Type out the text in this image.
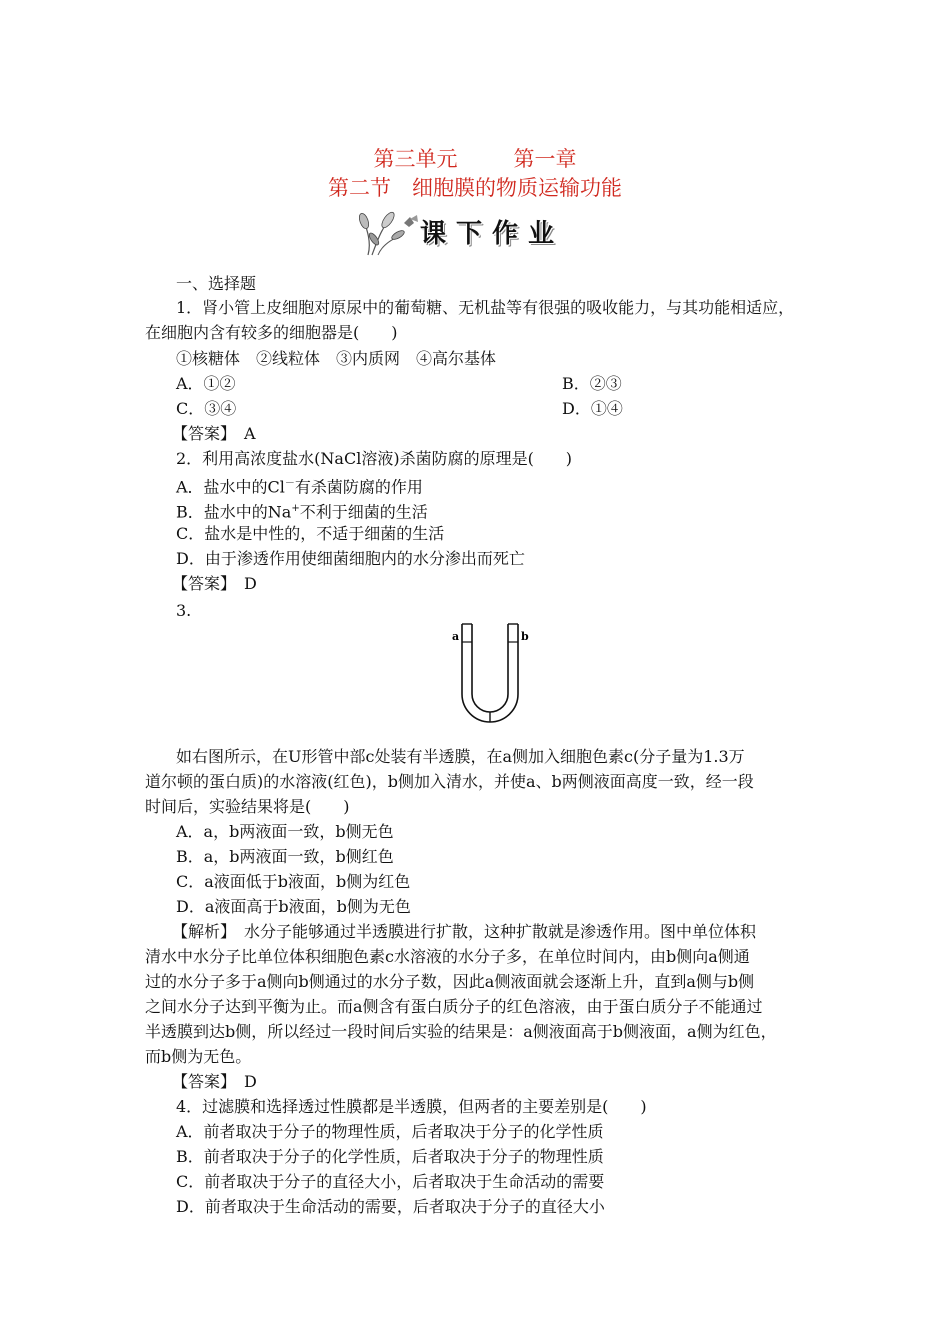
第三单元	第一章
第二节　细胞膜的物质运输功能
课下作业
一、选择题
1．肾小管上皮细胞对原尿中的葡萄糖、无机盐等有很强的吸收能力，与其功能相适应，
在细胞内含有较多的细胞器是(　　)
①核糖体　②线粒体　③内质网　④高尔基体
A．①②	B．②③
C．③④	D．①④
【答案】　A
2．利用高浓度盐水(NaCl溶液)杀菌防腐的原理是(　　)
A．盐水中的Cl－有杀菌防腐的作用
B．盐水中的Na+不利于细菌的生活
C．盐水是中性的，不适于细菌的生活
D．由于渗透作用使细菌细胞内的水分渗出而死亡
【答案】　D
3.
a	b
如右图所示，在U形管中部c处装有半透膜，在a侧加入细胞色素c(分子量为1.3万
道尔顿的蛋白质)的水溶液(红色)，b侧加入清水，并使a、b两侧液面高度一致，经一段
时间后，实验结果将是(　　)
A．a，b两液面一致，b侧无色
B．a，b两液面一致，b侧红色
C．a液面低于b液面，b侧为红色
D．a液面高于b液面，b侧为无色
【解析】　水分子能够通过半透膜进行扩散，这种扩散就是渗透作用。图中单位体积
清水中水分子比单位体积细胞色素c水溶液的水分子多，在单位时间内，由b侧向a侧通
过的水分子多于a侧向b侧通过的水分子数，因此a侧液面就会逐渐上升，直到a侧与b侧
之间水分子达到平衡为止。而a侧含有蛋白质分子的红色溶液，由于蛋白质分子不能通过
半透膜到达b侧，所以经过一段时间后实验的结果是：a侧液面高于b侧液面，a侧为红色，
而b侧为无色。
【答案】　D
4．过滤膜和选择透过性膜都是半透膜，但两者的主要差别是(　　)
A．前者取决于分子的物理性质，后者取决于分子的化学性质
B．前者取决于分子的化学性质，后者取决于分子的物理性质
C．前者取决于分子的直径大小，后者取决于生命活动的需要
D．前者取决于生命活动的需要，后者取决于分子的直径大小
